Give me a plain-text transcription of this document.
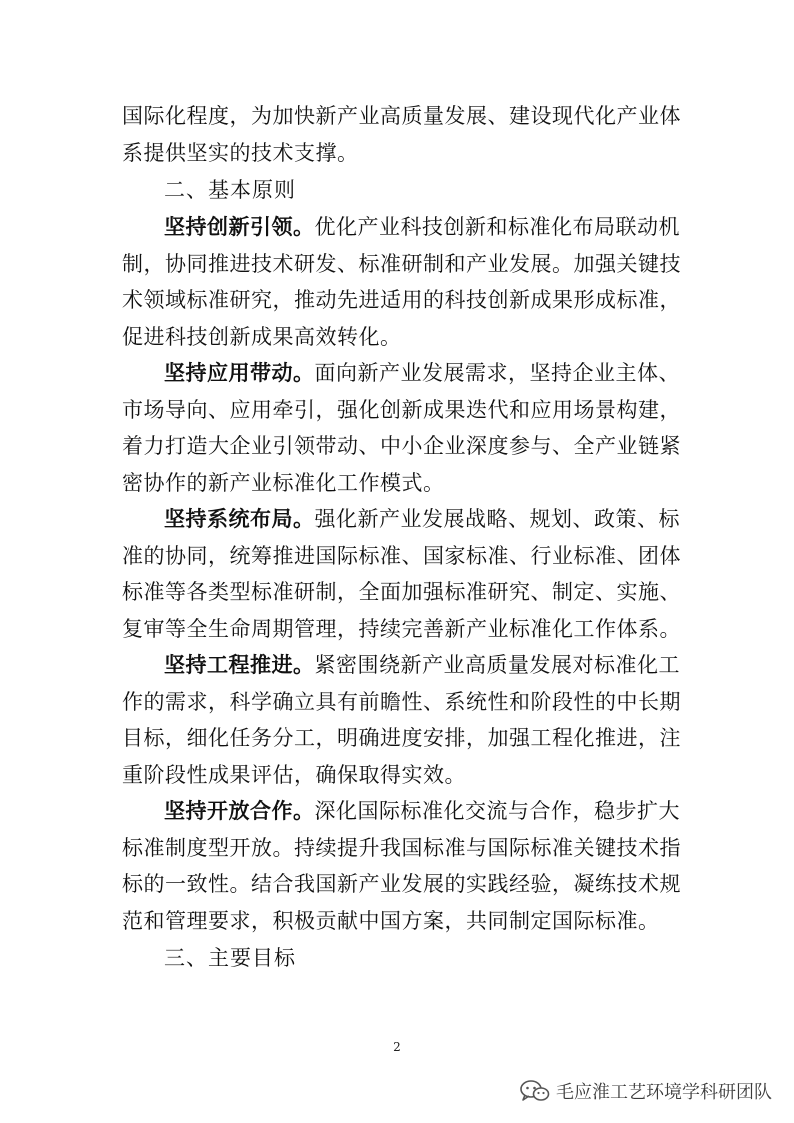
国际化程度，为加快新产业高质量发展、建设现代化产业体
系提供坚实的技术支撑。
二、基本原则
坚持创新引领。优化产业科技创新和标准化布局联动机
制，协同推进技术研发、标准研制和产业发展。加强关键技
术领域标准研究，推动先进适用的科技创新成果形成标准，
促进科技创新成果高效转化。
坚持应用带动。面向新产业发展需求，坚持企业主体、
市场导向、应用牵引，强化创新成果迭代和应用场景构建，
着力打造大企业引领带动、中小企业深度参与、全产业链紧
密协作的新产业标准化工作模式。
坚持系统布局。强化新产业发展战略、规划、政策、标
准的协同，统筹推进国际标准、国家标准、行业标准、团体
标准等各类型标准研制，全面加强标准研究、制定、实施、
复审等全生命周期管理，持续完善新产业标准化工作体系。
坚持工程推进。紧密围绕新产业高质量发展对标准化工
作的需求，科学确立具有前瞻性、系统性和阶段性的中长期
目标，细化任务分工，明确进度安排，加强工程化推进，注
重阶段性成果评估，确保取得实效。
坚持开放合作。深化国际标准化交流与合作，稳步扩大
标准制度型开放。持续提升我国标准与国际标准关键技术指
标的一致性。结合我国新产业发展的实践经验，凝练技术规
范和管理要求，积极贡献中国方案，共同制定国际标准。
三、主要目标
2
毛应淮工艺环境学科研团队
